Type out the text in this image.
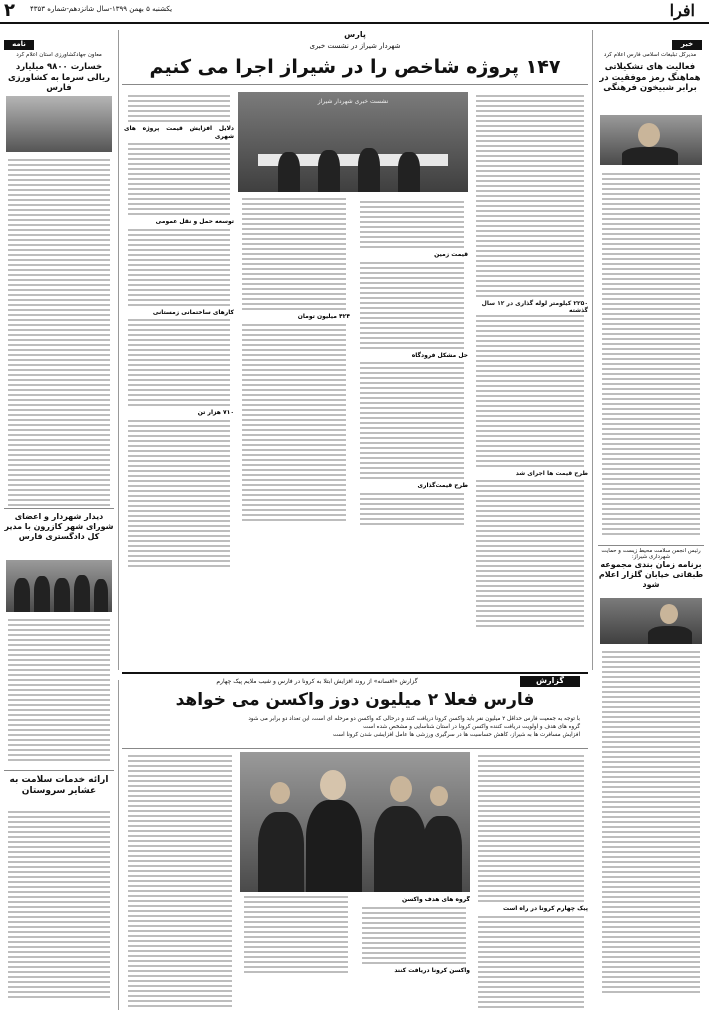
۲ یکشنبه ۵ بهمن ۱۳۹۹-سال شانزدهم-شماره ۴۳۵۳	افرا
خبر
مدیرکل تبلیغات اسلامی فارس اعلام کرد
فعالیت های تشکیلاتی هماهنگ رمز موفقیت در برابر شبیخون فرهنگی
رئیس انجمن سلامت محیط زیست و حمایت شهرداری شیراز:
برنامه زمان بندی مجموعه طبقاتی خیابان گلزار اعلام شود
نامه
معاون جهادکشاورزی استان اعلام کرد
خسارت ۹۸۰۰ میلیارد ریالی سرما به کشاورزی فارس
دیدار شهردار و اعضای شورای شهر کازرون با مدیر کل دادگستری فارس
ارائه خدمات سلامت به عشایر سروستان
پارس
شهردار شیراز در نشست خبری
۱۴۷ پروژه شاخص را در شیراز اجرا می کنیم
نشست خبری شهردار شیراز
دلایل افزایش قیمت پروژه های شهری
توسعه حمل و نقل عمومی
کارهای ساختمانی زمستانی
۷۱۰ هزار تن
قیمت زمین
حل مشکل فرودگاه
طرح قیمت‌گذاری
۴۲۴ میلیون تومان
گزارش
گزارش «افسانه» از روند افزایش ابتلا به کرونا در فارس و شیب ملایم پیک چهارم
فارس فعلا ۲ میلیون دوز واکسن می خواهد
با توجه به جمعیت فارس حداقل ۲ میلیون نفر باید واکسن کرونا دریافت کنند و درحالی که واکسن دو مرحله ای است، این تعداد دو برابر می شود
گروه های هدف و اولویت دریافت کننده واکسن کرونا در استان شناسایی و مشخص شده است
افزایش مسافرت ها به شیراز، کاهش حساسیت ها در سرگیری ورزشی ها عامل افزایشی شدن کرونا است
پیک چهارم کرونا در راه است
گروه های هدف واکسن
واکسن کرونا دریافت کنند
۲۲۵۰ کیلومتر لوله گذاری در ۱۲ سال گذشته
طرح قیمت ها اجرای شد
